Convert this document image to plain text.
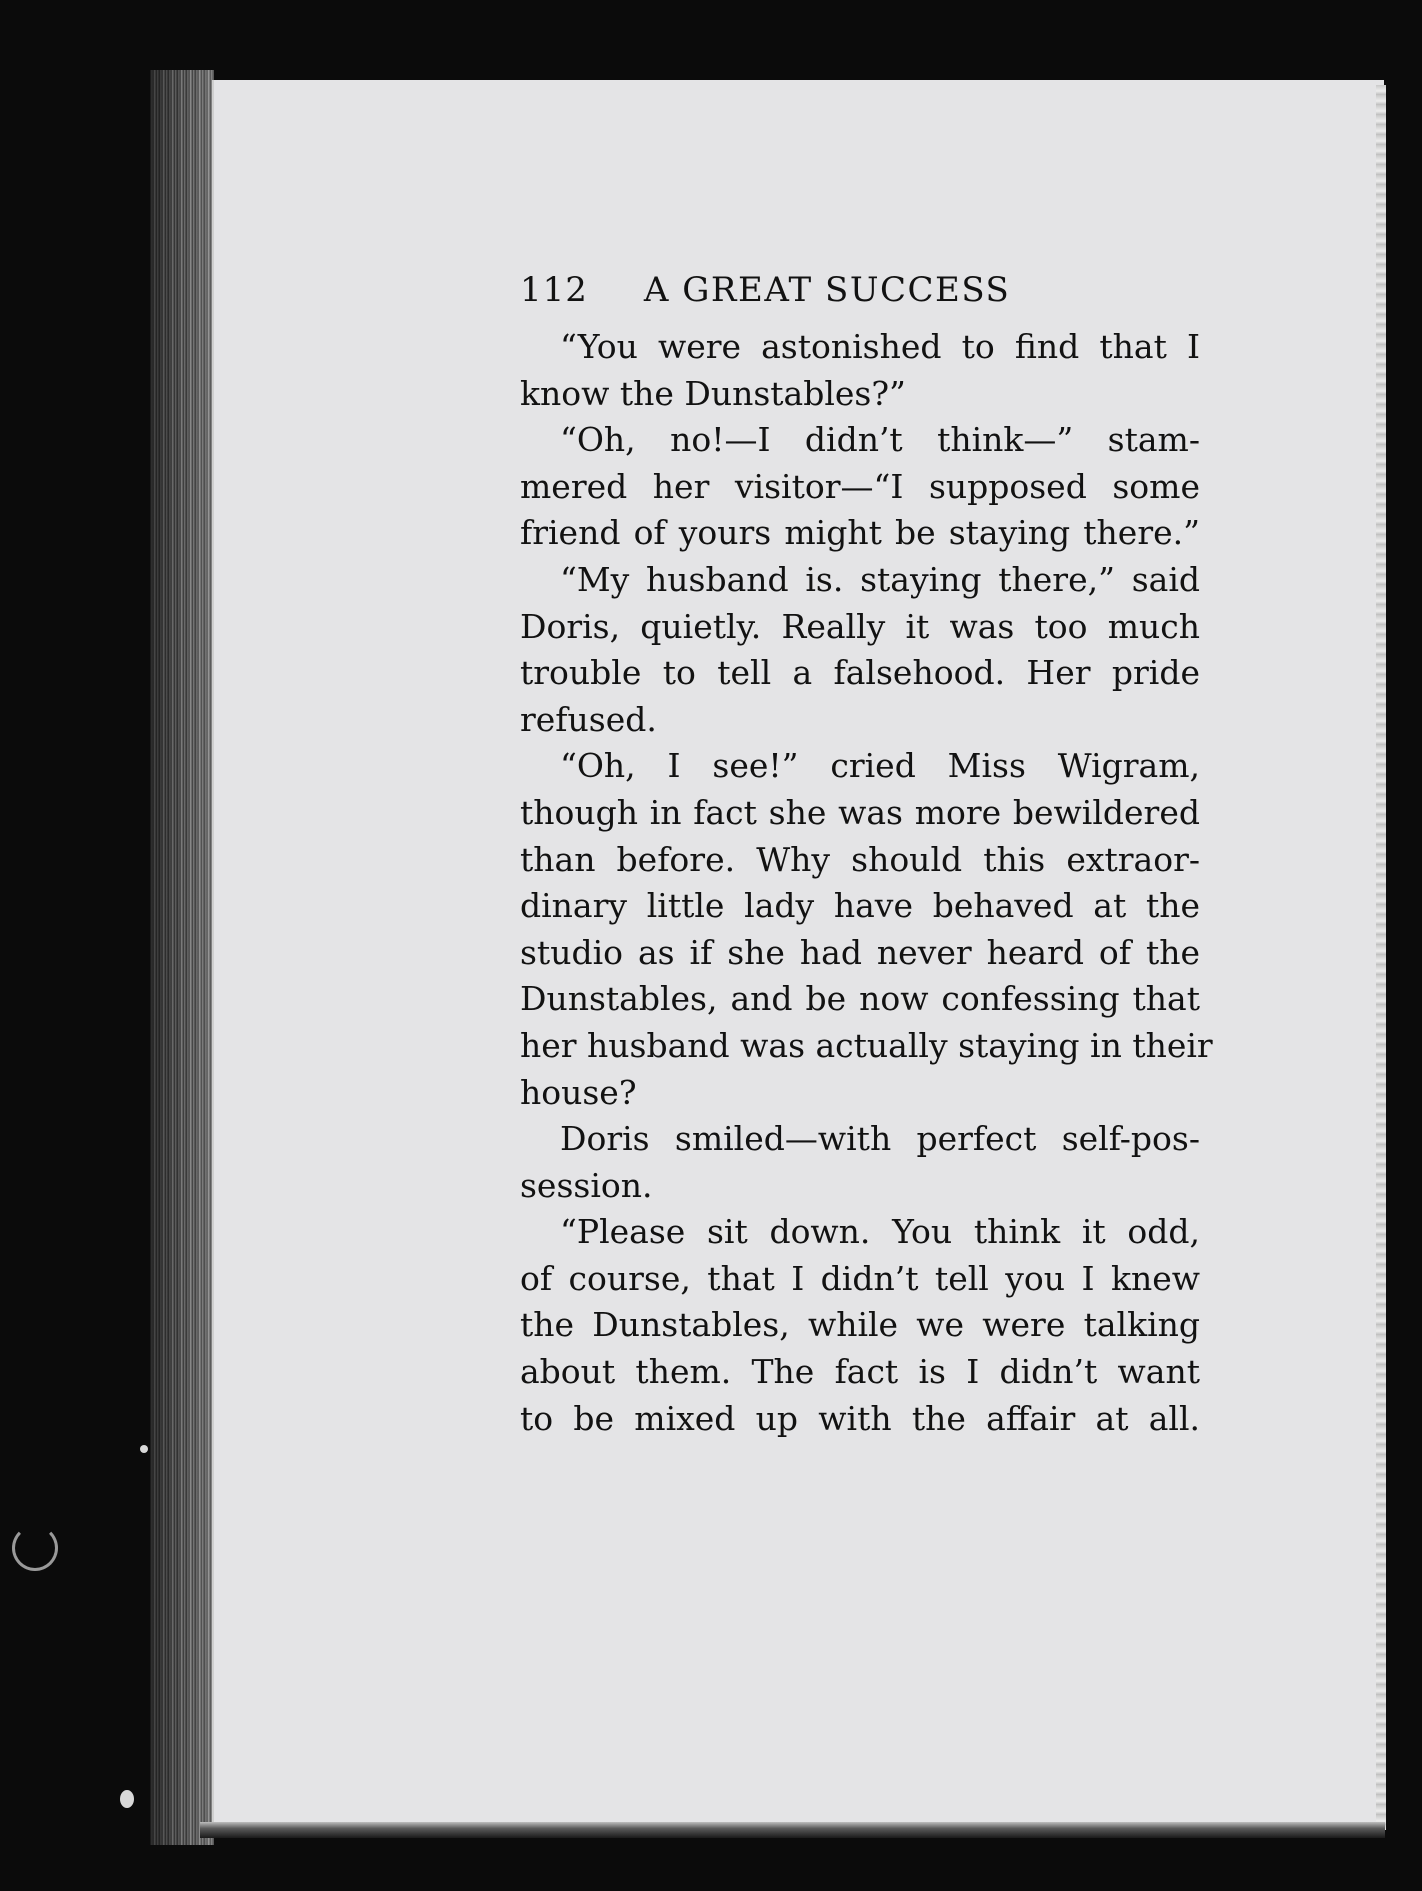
112 A GREAT SUCCESS
“You were astonished to find that I
know the Dunstables?”
“Oh, no!—I didn’t think—” stam-
mered her visitor—“I supposed some
friend of yours might be staying there.”
“My husband is. staying there,” said
Doris, quietly. Really it was too much
trouble to tell a falsehood. Her pride
refused.
“Oh, I see!” cried Miss Wigram,
though in fact she was more bewildered
than before. Why should this extraor-
dinary little lady have behaved at the
studio as if she had never heard of the
Dunstables, and be now confessing that
her husband was actually staying in their
house?
Doris smiled—with perfect self-pos-
session.
“Please sit down. You think it odd,
of course, that I didn’t tell you I knew
the Dunstables, while we were talking
about them. The fact is I didn’t want
to be mixed up with the affair at all.
